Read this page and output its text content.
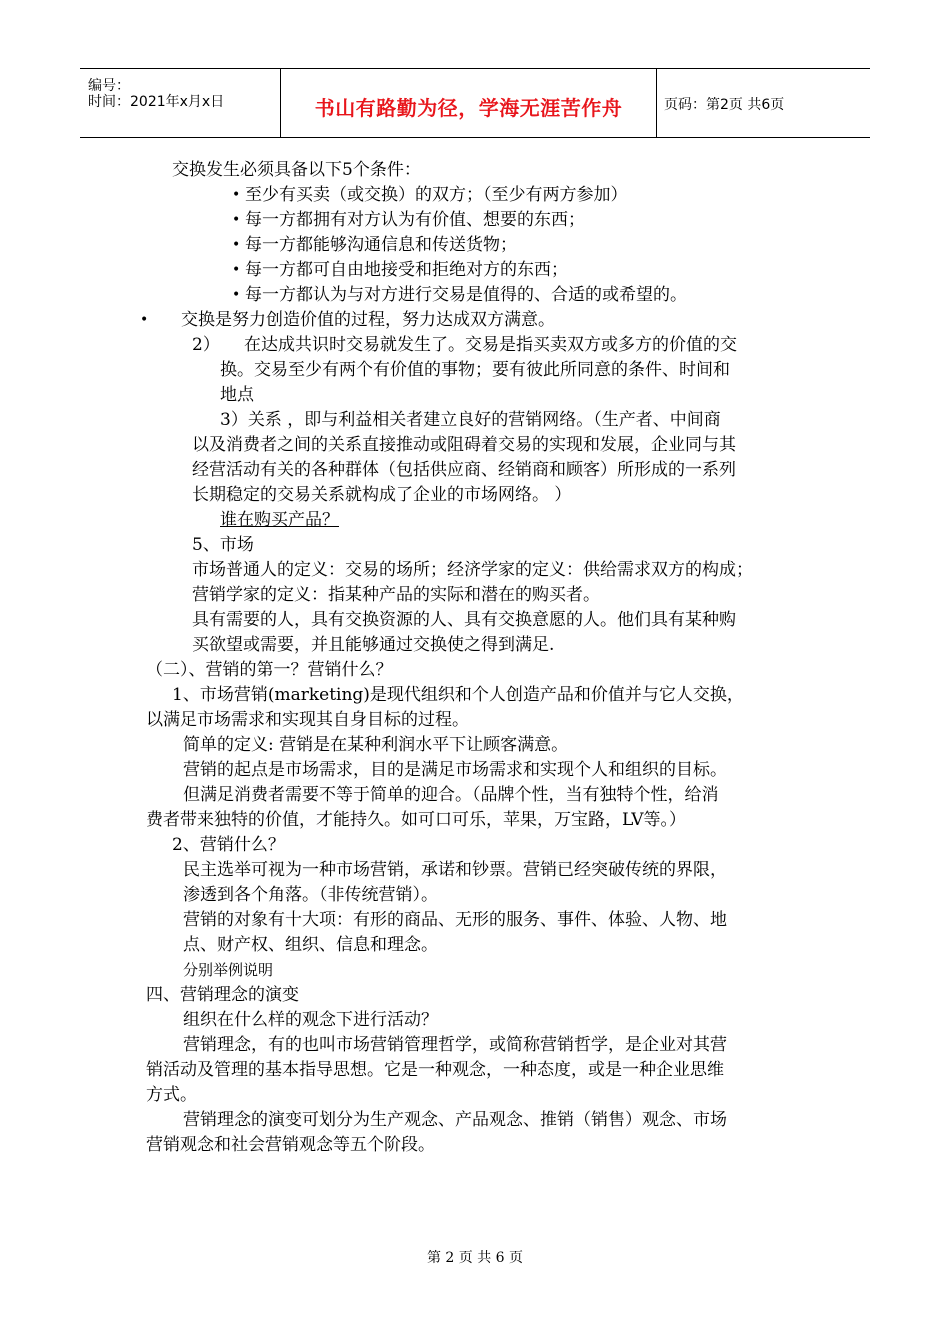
编号：
时间：2021年x月x日	书山有路勤为径，学海无涯苦作舟	页码：第2页 共6页
交换发生必须具备以下5个条件：
• 至少有买卖（或交换）的双方；（至少有两方参加）
• 每一方都拥有对方认为有价值、想要的东西；
• 每一方都能够沟通信息和传送货物；
• 每一方都可自由地接受和拒绝对方的东西；
• 每一方都认为与对方进行交易是值得的、合适的或希望的。
• 交换是努力创造价值的过程，努力达成双方满意。
2） 在达成共识时交易就发生了。交易是指买卖双方或多方的价值的交
换。交易至少有两个有价值的事物；要有彼此所同意的条件、时间和
地点
3）关系 ，即与利益相关者建立良好的营销网络。（生产者、中间商
以及消费者之间的关系直接推动或阻碍着交易的实现和发展，企业同与其
经营活动有关的各种群体（包括供应商、经销商和顾客）所形成的一系列
长期稳定的交易关系就构成了企业的市场网络。 ）
谁在购买产品？
5、市场
市场普通人的定义：交易的场所；经济学家的定义：供给需求双方的构成；
营销学家的定义：指某种产品的实际和潜在的购买者。
具有需要的人，具有交换资源的人、具有交换意愿的人。他们具有某种购
买欲望或需要，并且能够通过交换使之得到满足.
（二）、营销的第一？营销什么？
1、市场营销(marketing)是现代组织和个人创造产品和价值并与它人交换，
以满足市场需求和实现其自身目标的过程。
简单的定义: 营销是在某种利润水平下让顾客满意。
营销的起点是市场需求，目的是满足市场需求和实现个人和组织的目标。
但满足消费者需要不等于简单的迎合。（品牌个性，当有独特个性，给消
费者带来独特的价值，才能持久。如可口可乐，苹果，万宝路，LV等。）
2、营销什么？
民主选举可视为一种市场营销，承诺和钞票。营销已经突破传统的界限，
渗透到各个角落。（非传统营销）。
营销的对象有十大项：有形的商品、无形的服务、事件、体验、人物、地
点、财产权、组织、信息和理念。
分别举例说明
四、营销理念的演变
组织在什么样的观念下进行活动？
营销理念，有的也叫市场营销管理哲学，或简称营销哲学，是企业对其营
销活动及管理的基本指导思想。它是一种观念，一种态度，或是一种企业思维
方式。
营销理念的演变可划分为生产观念、产品观念、推销（销售）观念、市场
营销观念和社会营销观念等五个阶段。
第 2 页 共 6 页
